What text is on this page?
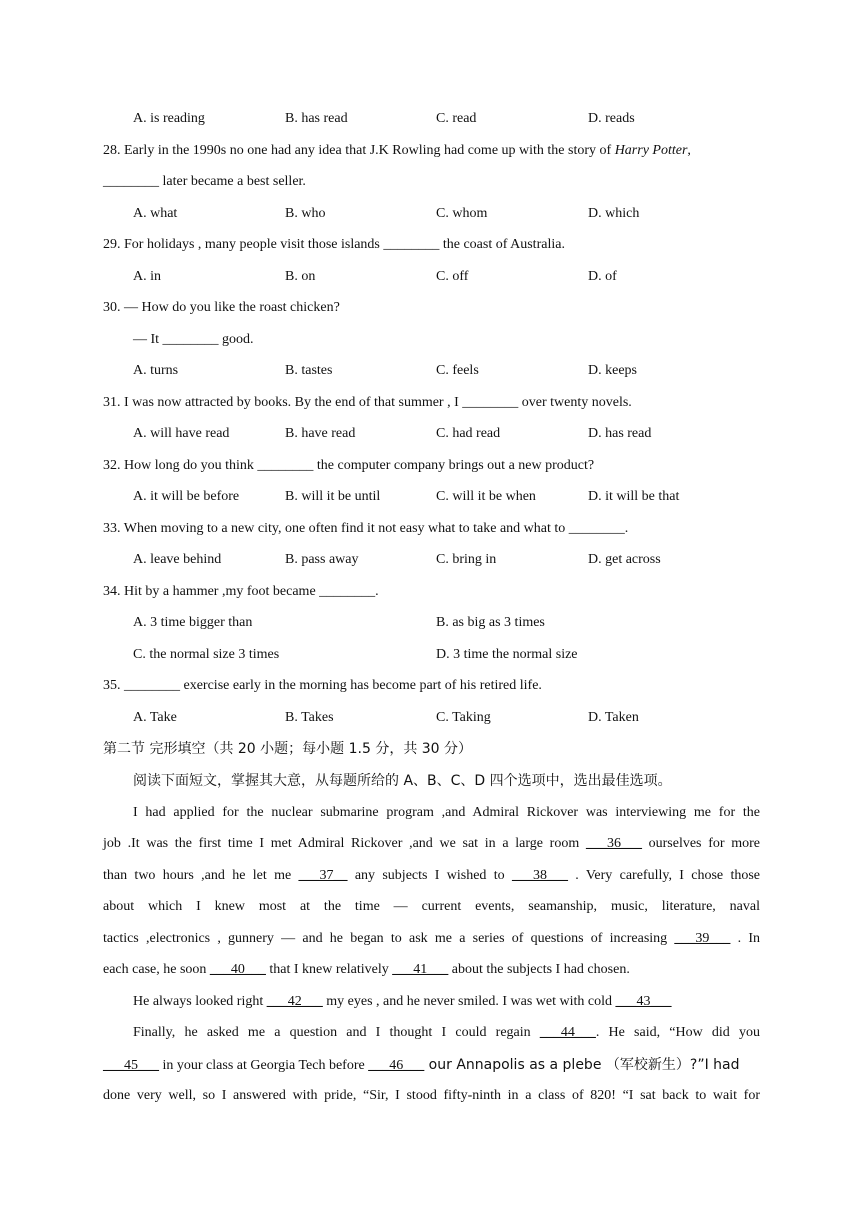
A. is reading	B. has read	C. read	D. reads
28. Early in the 1990s no one had any idea that J.K Rowling had come up with the story of Harry Potter,
________ later became a best seller.
A. what	B. who	C. whom	D. which
29. For holidays , many people visit those islands ________ the coast of Australia.
A. in	B. on	C. off	D. of
30. — How do you like the roast chicken?
— It ________ good.
A. turns	B. tastes	C. feels	D. keeps
31. I was now attracted by books. By the end of that summer , I ________ over twenty novels.
A. will have read	B. have read	C. had read	D. has read
32. How long do you think ________ the computer company brings out a new product?
A. it will be before	B. will it be until	C. will it be when	D. it will be that
33. When moving to a new city, one often find it not easy what to take and what to ________.
A. leave behind	B. pass away	C. bring in	D. get across
34. Hit by a hammer ,my foot became ________.
A. 3 time bigger than	B. as big as 3 times
C. the normal size 3 times	D. 3 time the normal size
35. ________ exercise early in the morning has become part of his retired life.
A. Take	B. Takes	C. Taking	D. Taken
第二节 完形填空（共 20 小题；每小题 1.5 分，共 30 分）
阅读下面短文，掌握其大意，从每题所给的 A、B、C、D 四个选项中，选出最佳选项。
I had applied for the nuclear submarine program ,and Admiral Rickover was interviewing me for the
job .It was the first time I met Admiral Rickover ,and we sat in a large room ___36___ ourselves for more
than two hours ,and he let me ___37__ any subjects I wished to ___38___ . Very carefully, I chose those
about which I knew most at the time — current events, seamanship, music, literature, naval
tactics ,electronics , gunnery — and he began to ask me a series of questions of increasing ___39___ . In
each case, he soon ___40___ that I knew relatively ___41___ about the subjects I had chosen.
He always looked right ___42___ my eyes , and he never smiled. I was wet with cold ___43___
Finally, he asked me a question and I thought I could regain ___44___. He said, “How did you
___45___ in your class at Georgia Tech before ___46___ our Annapolis as a plebe （军校新生）?”I had
done very well, so I answered with pride, “Sir, I stood fifty-ninth in a class of 820! “I sat back to wait for
